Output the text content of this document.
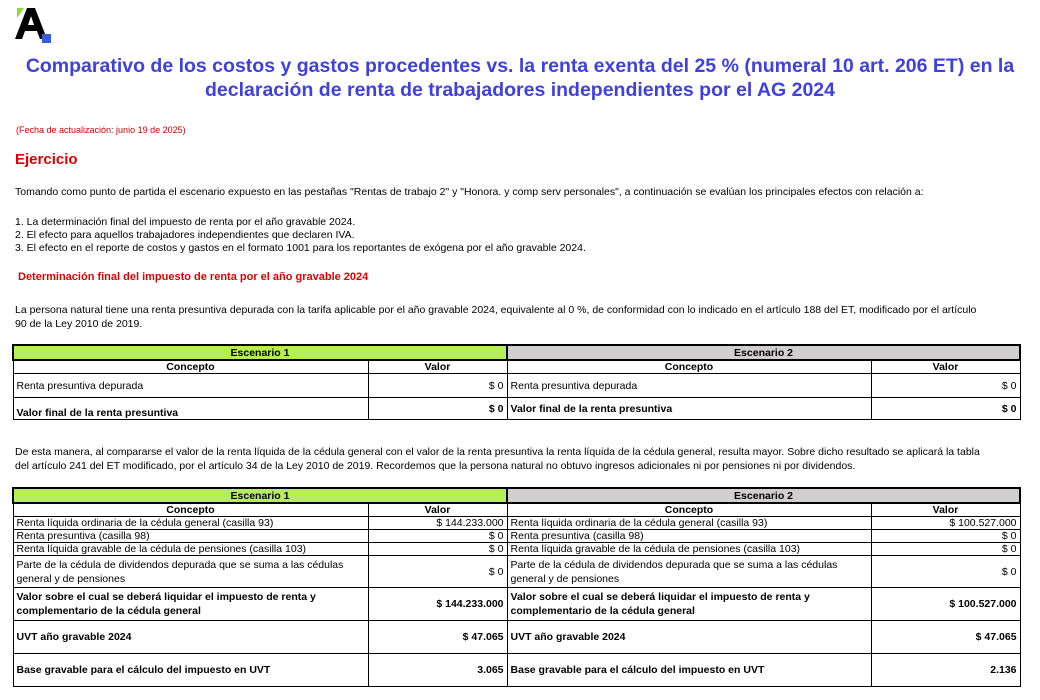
Comparativo de los costos y gastos procedentes vs. la renta exenta del 25 % (numeral 10 art. 206 ET) en la
declaración de renta de trabajadores independientes por el AG 2024
(Fecha de actualización: junio 19 de 2025)
Ejercicio
Tomando como punto de partida el escenario expuesto en las pestañas "Rentas de trabajo 2" y "Honora. y comp serv personales", a continuación se evalúan los principales efectos con relación a:
1. La determinación final del impuesto de renta por el año gravable 2024.
2. El efecto para aquellos trabajadores independientes que declaren IVA.
3. El efecto en el reporte de costos y gastos en el formato 1001 para los reportantes de exógena por el año gravable 2024.
Determinación final del impuesto de renta por el año gravable 2024
La persona natural tiene una renta presuntiva depurada con la tarifa aplicable por el año gravable 2024, equivalente al 0 %, de conformidad con lo indicado en el artículo 188 del ET, modificado por el artículo
90 de la Ley 2010 de 2019.
Escenario 1		Escenario 2	
Concepto	Valor	Concepto	Valor
Renta presuntiva depurada	$ 0	Renta presuntiva depurada	$ 0
Valor final de la renta presuntiva	$ 0	Valor final de la renta presuntiva	$ 0
De esta manera, al compararse el valor de la renta líquida de la cédula general con el valor de la renta presuntiva la renta líquida de la cédula general, resulta mayor. Sobre dicho resultado se aplicará la tabla
del artículo 241 del ET modificado, por el artículo 34 de la Ley 2010 de 2019. Recordemos que la persona natural no obtuvo ingresos adicionales ni por pensiones ni por dividendos.
Escenario 1		Escenario 2	
Concepto	Valor	Concepto	Valor
Renta líquida ordinaria de la cédula general (casilla 93)	$ 144.233.000	Renta líquida ordinaria de la cédula general (casilla 93)	$ 100.527.000
Renta presuntiva (casilla 98)	$ 0	Renta presuntiva (casilla 98)	$ 0
Renta líquida gravable de la cédula de pensiones (casilla 103)	$ 0	Renta líquida gravable de la cédula de pensiones (casilla 103)	$ 0
Parte de la cédula de dividendos depurada que se suma a las cédulas general y de pensiones	$ 0	Parte de la cédula de dividendos depurada que se suma a las cédulas general y de pensiones	$ 0
Valor sobre el cual se deberá liquidar el impuesto de renta y complementario de la cédula general	$ 144.233.000	Valor sobre el cual se deberá liquidar el impuesto de renta y complementario de la cédula general	$ 100.527.000
UVT año gravable 2024	$ 47.065	UVT año gravable 2024	$ 47.065
Base gravable para el cálculo del impuesto en UVT	3.065	Base gravable para el cálculo del impuesto en UVT	2.136
